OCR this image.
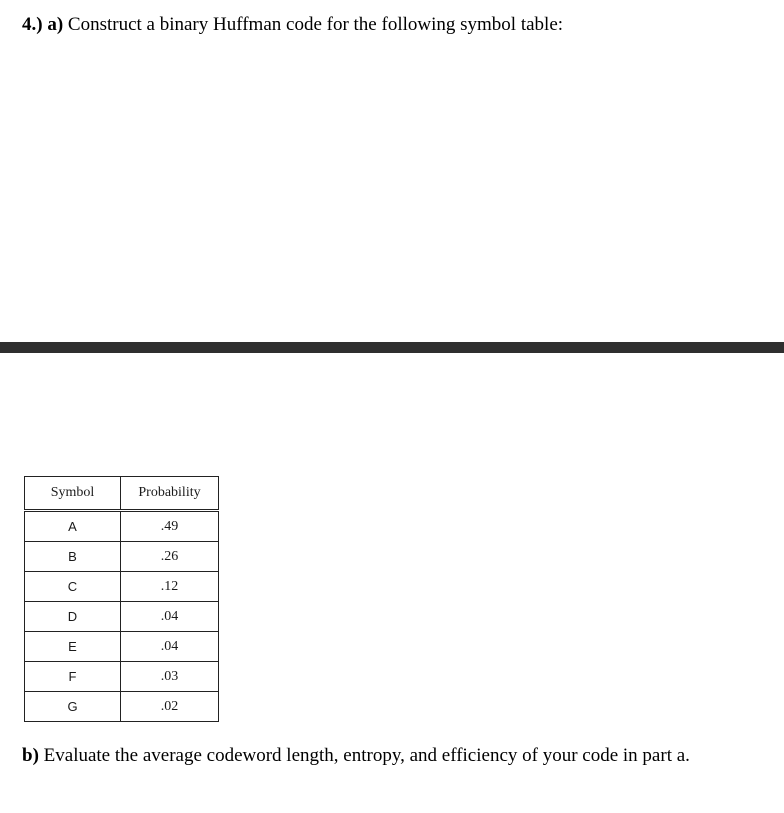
4.) a) Construct a binary Huffman code for the following symbol table:
Symbol	Probability
A	.49
B	.26
C	.12
D	.04
E	.04
F	.03
G	.02
b) Evaluate the average codeword length, entropy, and efficiency of your code in part a.
